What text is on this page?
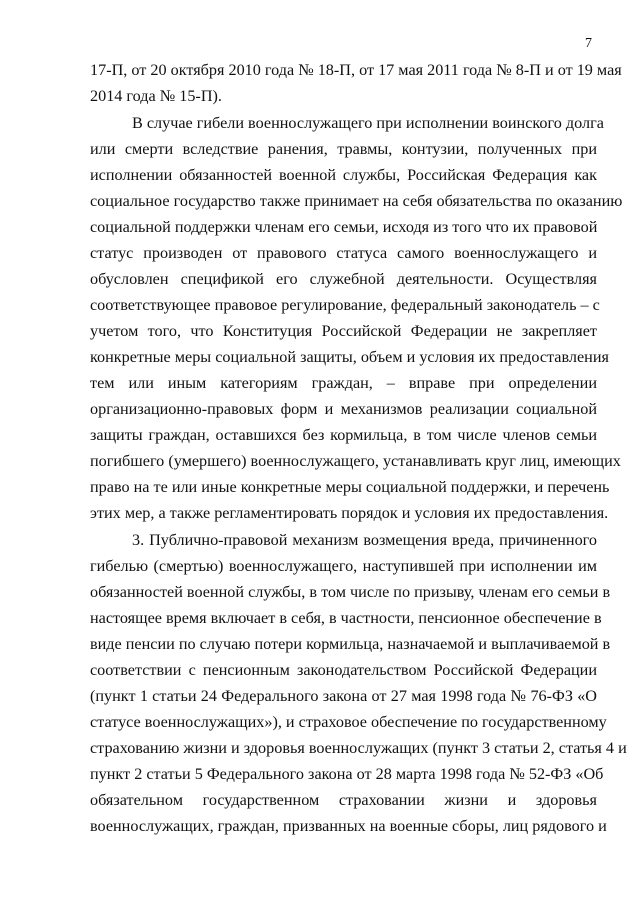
7
17-П, от 20 октября 2010 года № 18-П, от 17 мая 2011 года № 8-П и от 19 мая
2014 года № 15-П).
В случае гибели военнослужащего при исполнении воинского долга
или смерти вследствие ранения, травмы, контузии, полученных при
исполнении обязанностей военной службы, Российская Федерация как
социальное государство также принимает на себя обязательства по оказанию
социальной поддержки членам его семьи, исходя из того что их правовой
статус производен от правового статуса самого военнослужащего и
обусловлен спецификой его служебной деятельности. Осуществляя
соответствующее правовое регулирование, федеральный законодатель – с
учетом того, что Конституция Российской Федерации не закрепляет
конкретные меры социальной защиты, объем и условия их предоставления
тем или иным категориям граждан, – вправе при определении
организационно-правовых форм и механизмов реализации социальной
защиты граждан, оставшихся без кормильца, в том числе членов семьи
погибшего (умершего) военнослужащего, устанавливать круг лиц, имеющих
право на те или иные конкретные меры социальной поддержки, и перечень
этих мер, а также регламентировать порядок и условия их предоставления.
3. Публично-правовой механизм возмещения вреда, причиненного
гибелью (смертью) военнослужащего, наступившей при исполнении им
обязанностей военной службы, в том числе по призыву, членам его семьи в
настоящее время включает в себя, в частности, пенсионное обеспечение в
виде пенсии по случаю потери кормильца, назначаемой и выплачиваемой в
соответствии с пенсионным законодательством Российской Федерации
(пункт 1 статьи 24 Федерального закона от 27 мая 1998 года № 76-ФЗ «О
статусе военнослужащих»), и страховое обеспечение по государственному
страхованию жизни и здоровья военнослужащих (пункт 3 статьи 2, статья 4 и
пункт 2 статьи 5 Федерального закона от 28 марта 1998 года № 52-ФЗ «Об
обязательном государственном страховании жизни и здоровья
военнослужащих, граждан, призванных на военные сборы, лиц рядового и
